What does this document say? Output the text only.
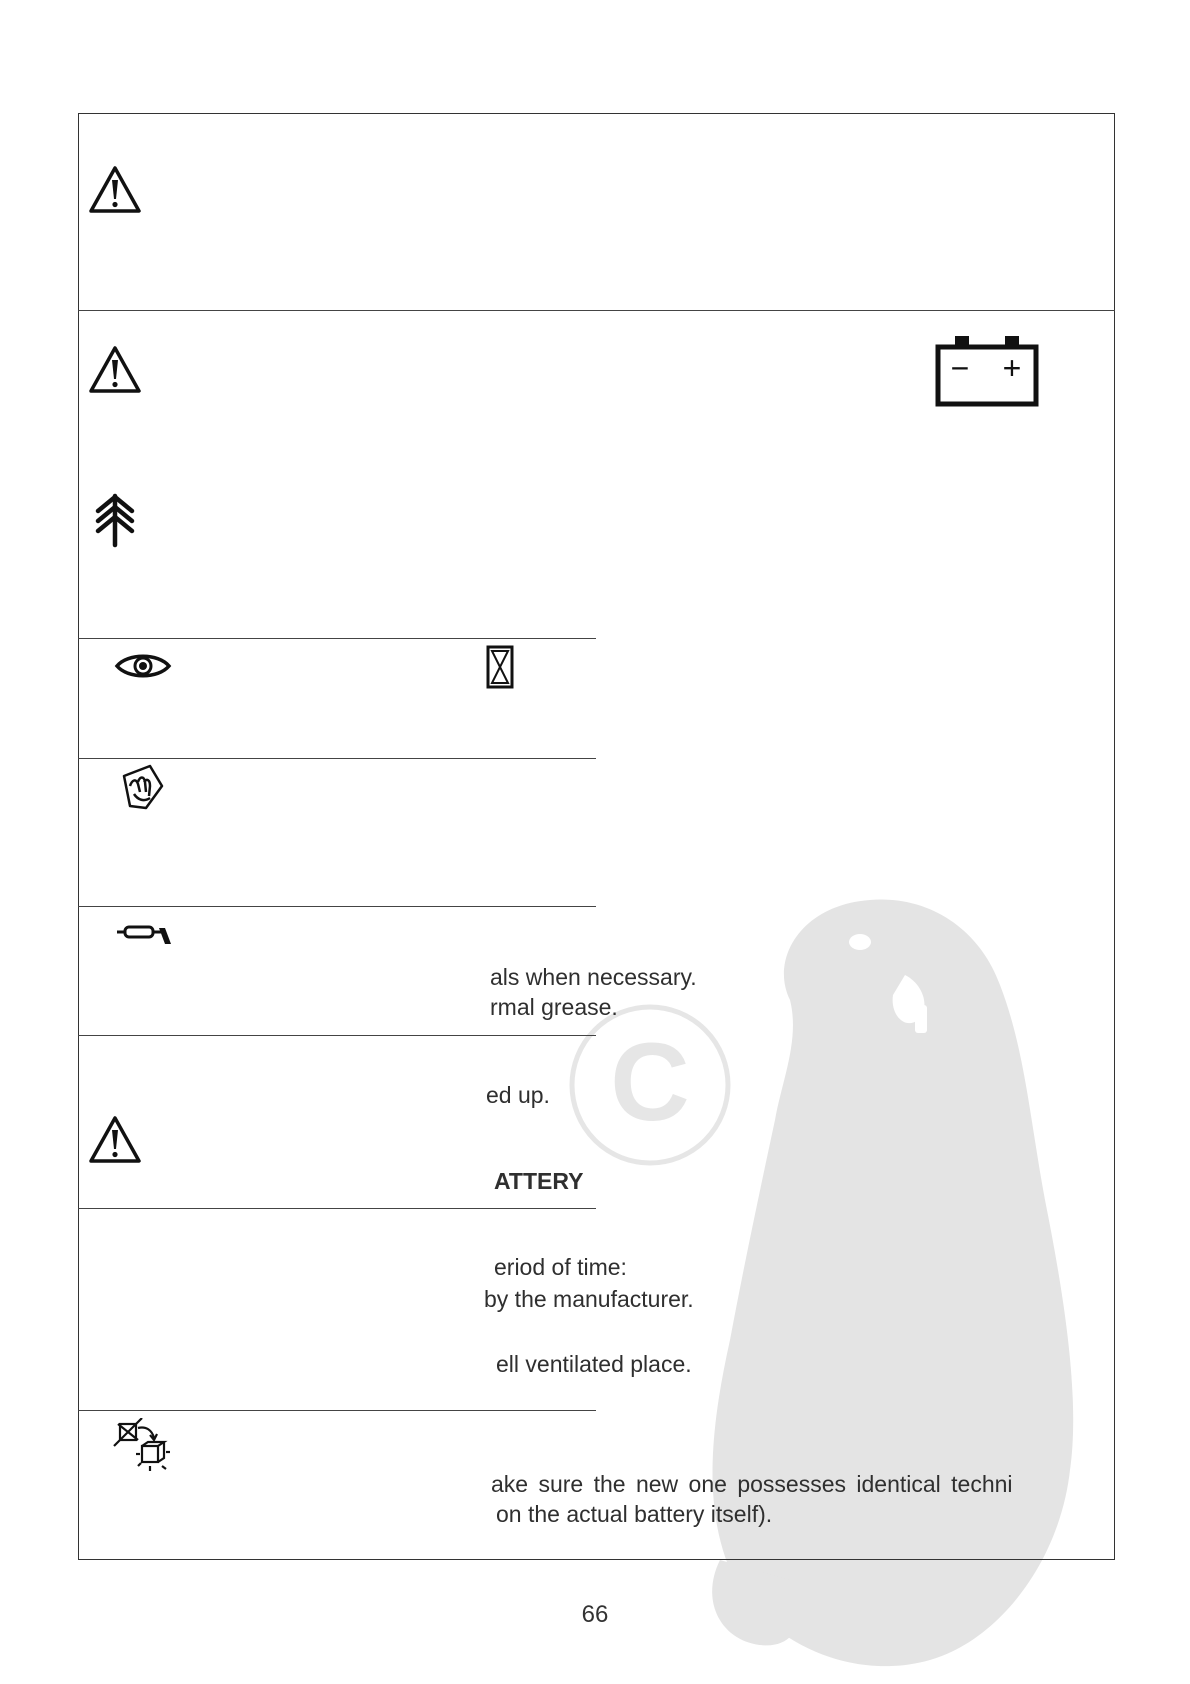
C
− +
als when necessary.
rmal grease.
ed up.
ATTERY
eriod of time:
by the manufacturer.
ell ventilated place.
ake sure the new one possesses identical techni
on the actual battery itself).
66
